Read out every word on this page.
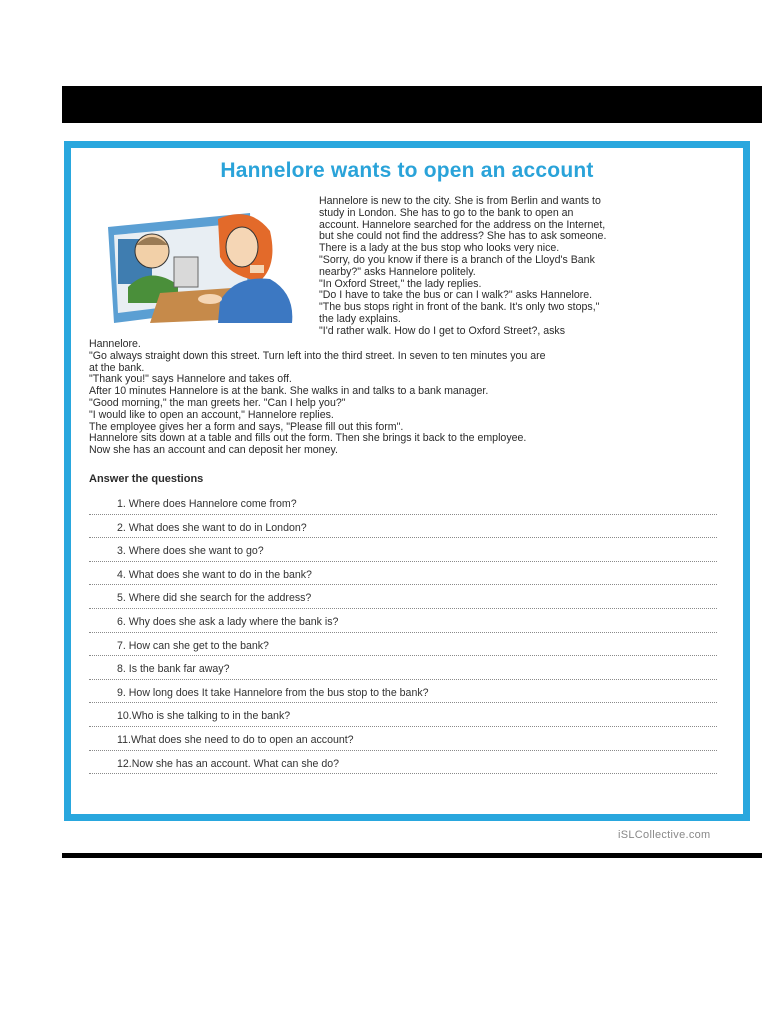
Hannelore wants to open an account
Hannelore is new to the city. She is from Berlin and wants to
study in London. She has to go to the bank to open an
account. Hannelore searched for the address on the Internet,
but she could not find the address? She has to ask someone.
There is a lady at the bus stop who looks very nice.
"Sorry, do you know if there is a branch of the Lloyd's Bank
nearby?" asks Hannelore politely.
"In Oxford Street," the lady replies.
"Do I have to take the bus or can I walk?" asks Hannelore.
"The bus stops right in front of the bank. It's only two stops,"
the lady explains.
"I'd rather walk. How do I get to Oxford Street?, asks
Hannelore.
"Go always straight down this street. Turn left into the third street. In seven to ten minutes you are
at the bank.
"Thank you!" says Hannelore and takes off.
After 10 minutes Hannelore is at the bank. She walks in and talks to a bank manager.
"Good morning," the man greets her. "Can I help you?"
"I would like to open an account," Hannelore replies.
The employee gives her a form and says, "Please fill out this form".
Hannelore sits down at a table and fills out the form. Then she brings it back to the employee.
Now she has an account and can deposit her money.
Answer the questions
1. Where does Hannelore come from?
2. What does she want to do in London?
3. Where does she want to go?
4. What does she want to do in the bank?
5. Where did she search for the address?
6. Why does she ask a lady where the bank is?
7. How can she get to the bank?
8. Is the bank far away?
9. How long does It take Hannelore from the bus stop to the bank?
10.Who is she talking to in the bank?
11.What does she need to do to open an account?
12.Now she has an account. What can she do?
iSLCollective.com
